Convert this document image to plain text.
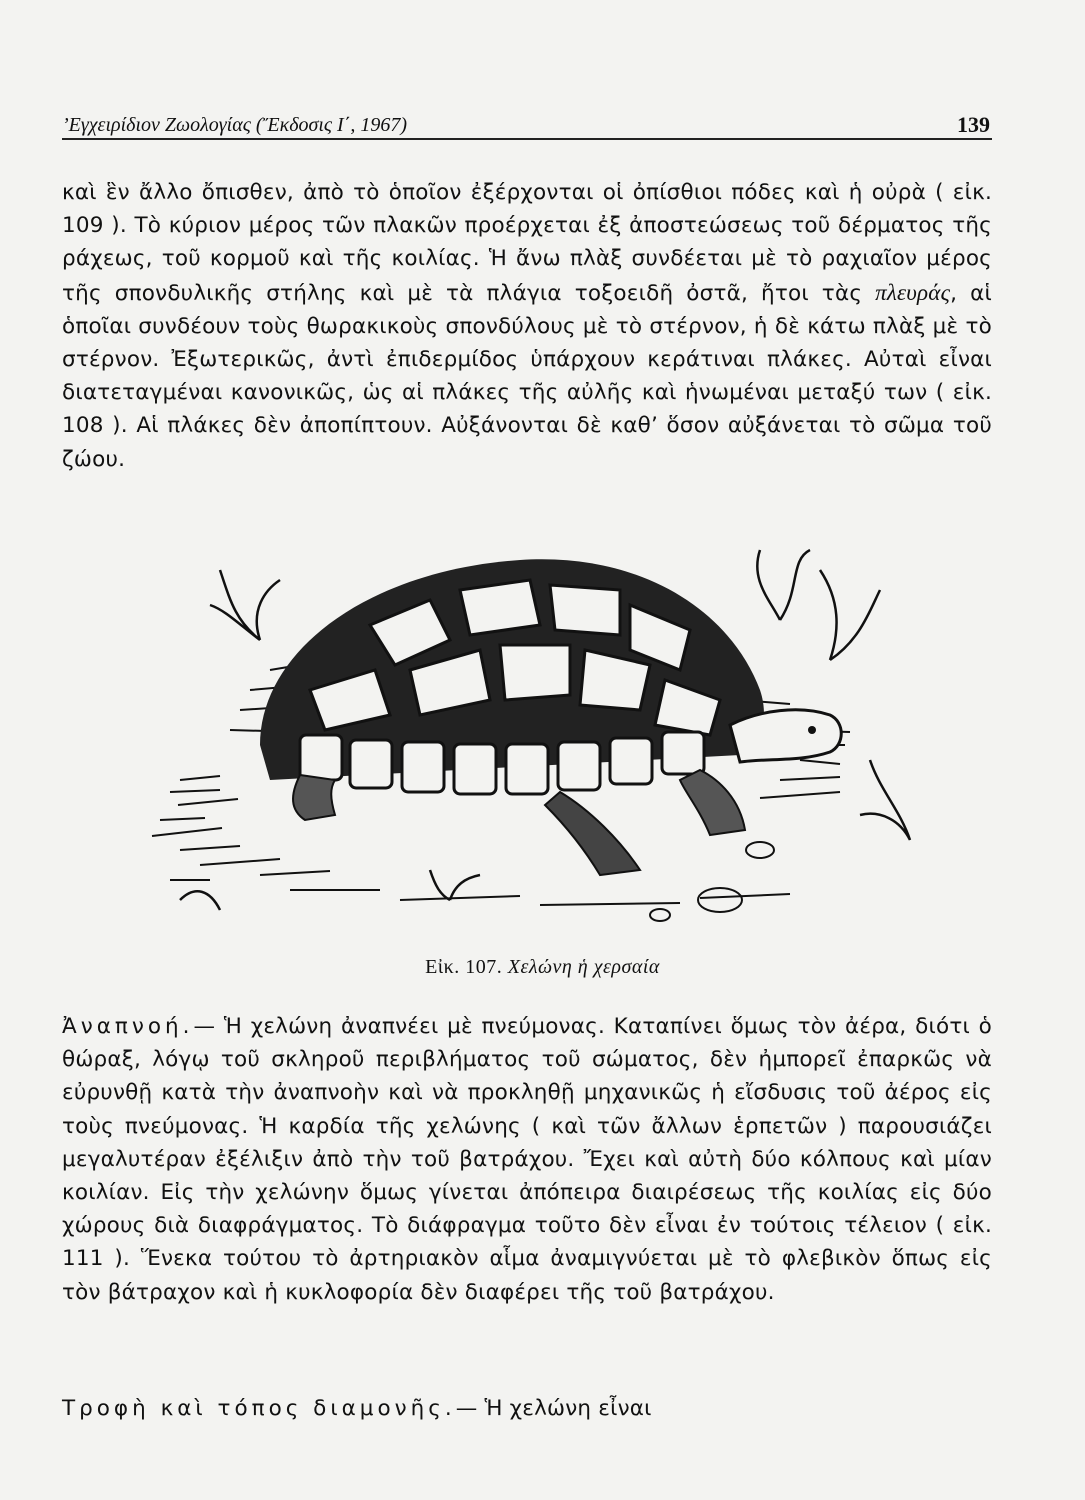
’Εγχειρίδιον Ζωολογίας (Ἔκδοσις Ι΄, 1967)	139

καὶ ἓν ἄλλο ὄπισθεν, ἀπὸ τὸ ὁποῖον ἐξέρχονται οἱ ὀπίσθιοι πόδες καὶ ἡ οὐρὰ ( εἰκ. 109 ). Τὸ κύριον μέρος τῶν πλακῶν προέρχεται ἐξ ἀποστεώσεως τοῦ δέρματος τῆς ράχεως, τοῦ κορμοῦ καὶ τῆς κοιλίας. Ἡ ἄνω πλὰξ συνδέεται μὲ τὸ ραχιαῖον μέρος τῆς σπονδυλικῆς στήλης καὶ μὲ τὰ πλάγια τοξοειδῆ ὀστᾶ, ἤτοι τὰς πλευράς, αἱ ὁποῖαι συνδέουν τοὺς θωρακικοὺς σπονδύλους μὲ τὸ στέρνον, ἡ δὲ κάτω πλὰξ μὲ τὸ στέρνον. Ἐξωτερικῶς, ἀντὶ ἐπιδερμίδος ὑπάρχουν κεράτιναι πλάκες. Αὐταὶ εἶναι διατεταγμέναι κανονικῶς, ὡς αἱ πλάκες τῆς αὐλῆς καὶ ἡνωμέναι μεταξύ των ( εἰκ. 108 ). Αἱ πλάκες δὲν ἀποπίπτουν. Αὐξάνονται δὲ καθ’ ὅσον αὐξάνεται τὸ σῶμα τοῦ ζώου.

Εἰκ. 107. Χελώνη ἡ χερσαία

Ἀναπνοή.— Ἡ χελώνη ἀναπνέει μὲ πνεύμονας. Καταπίνει ὅμως τὸν ἀέρα, διότι ὁ θώραξ, λόγῳ τοῦ σκληροῦ περιβλήματος τοῦ σώματος, δὲν ἠμπορεῖ ἐπαρκῶς νὰ εὐρυνθῇ κατὰ τὴν ἀναπνοὴν καὶ νὰ προκληθῇ μηχανικῶς ἡ εἴσδυσις τοῦ ἀέρος εἰς τοὺς πνεύμονας. Ἡ καρδία τῆς χελώνης ( καὶ τῶν ἄλλων ἑρπετῶν ) παρουσιάζει μεγαλυτέραν ἐξέλιξιν ἀπὸ τὴν τοῦ βατράχου. Ἔχει καὶ αὐτὴ δύο κόλπους καὶ μίαν κοιλίαν. Εἰς τὴν χελώνην ὅμως γίνεται ἀπόπειρα διαιρέσεως τῆς κοιλίας εἰς δύο χώρους διὰ διαφράγματος. Τὸ διάφραγμα τοῦτο δὲν εἶναι ἐν τούτοις τέλειον ( εἰκ. 111 ). Ἕνεκα τούτου τὸ ἀρτηριακὸν αἷμα ἀναμιγνύεται μὲ τὸ φλεβικὸν ὅπως εἰς τὸν βάτραχον καὶ ἡ κυκλοφορία δὲν διαφέρει τῆς τοῦ βατράχου.

Τροφὴ καὶ τόπος διαμονῆς.— Ἡ χελώνη εἶναι
